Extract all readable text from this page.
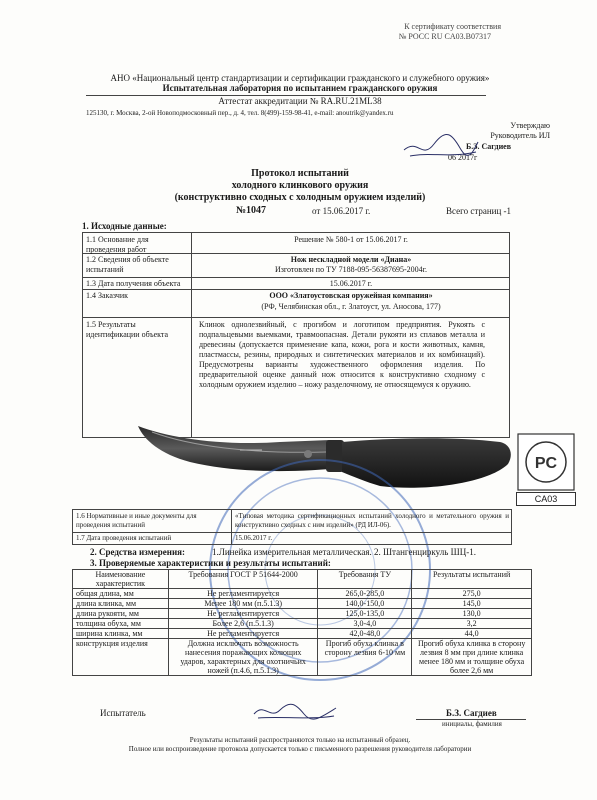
К сертификату соответствия
№ РОСС RU CA03.B07317
АНО «Национальный центр стандартизации и сертификации гражданского и служебного оружия»
Испытательная лаборатория по испытанием гражданского оружия
Аттестат аккредитации № RA.RU.21ML38
125130, г. Москва, 2-ой Новоподмосковный пер., д. 4, тел. 8(499)-159-98-41, e-mail: anoutrik@yandex.ru
Утверждаю
Руководитель ИЛ
Б.З. Сагдиев
06 2017г
Протокол испытаний
холодного клинкового оружия
(конструктивно сходных с холодным оружием изделий)
№1047	от 15.06.2017 г.	Всего страниц -1
1. Исходные данные:
1.1 Основание для проведения работ
Решение № 580-1 от 15.06.2017 г.
1.2 Сведения об объекте испытаний
Нож нескладной модели «Диана»
Изготовлен по ТУ 7188-095-56387695-2004г.
1.3 Дата получения объекта	15.06.2017 г.
1.4 Заказчик	ООО «Златоустовская оружейная компания»
(РФ, Челябинская обл., г. Златоуст, ул. Аносова, 177)
1.5 Результаты идентификации объекта
Клинок однолезвийный, с прогибом и логотипом предприятия. Рукоять с подпальцевыми выемками, травмоопасная. Детали рукояти из сплавов металла и древесины (допускается применение капа, кожи, рога и кости животных, камня, пластмассы, резины, природных и синтетических материалов и их комбинаций). Предусмотрены варианты художественного оформления изделия. По предварительной оценке данный нож относится к конструктивно сходному с холодным оружием изделию – ножу разделочному, не относящемуся к оружию.
PC
CA03
1.6 Нормативные и иные документы для проведения испытаний
«Типовая методика сертификационных испытаний холодного и метательного оружия и конструктивно сходных с ним изделий» (РД ИЛ-06).
1.7 Дата проведения испытаний	15.06.2017 г.
2. Средства измерения:	1.Линейка измерительная металлическая. 2. Штангенциркуль ШЦ-1.
3. Проверяемые характеристики и результаты испытаний:
Наименование характеристик	Требования ГОСТ Р 51644-2000	Требования ТУ	Результаты испытаний
общая длина, мм	Не регламентируется	265,0-285,0	275,0
длина клинка, мм	Менее 180 мм (п.5.1.3)	140,0-150,0	145,0
длина рукояти, мм	Не регламентируется	125,0-135,0	130,0
толщина обуха, мм	Более 2,6 (п.5.1.3)	3,0-4,0	3,2
ширина клинка, мм	Не регламентируется	42,0-48,0	44,0
конструкция изделия	Должна исключать возможность нанесения поражающих колющих ударов, характерных для охотничьих ножей (п.4.6, п.5.1.3)	Прогиб обуха клинка в сторону лезвия 6-10 мм	Прогиб обуха клинка в сторону лезвия 8 мм при длине клинка менее 180 мм и толщине обуха более 2,6 мм
Испытатель	Б.З. Сагдиев
инициалы, фамилия
Результаты испытаний распространяются только на испытанный образец.
Полное или воспроизведение протокола допускается только с письменного разрешения руководителя лаборатории
